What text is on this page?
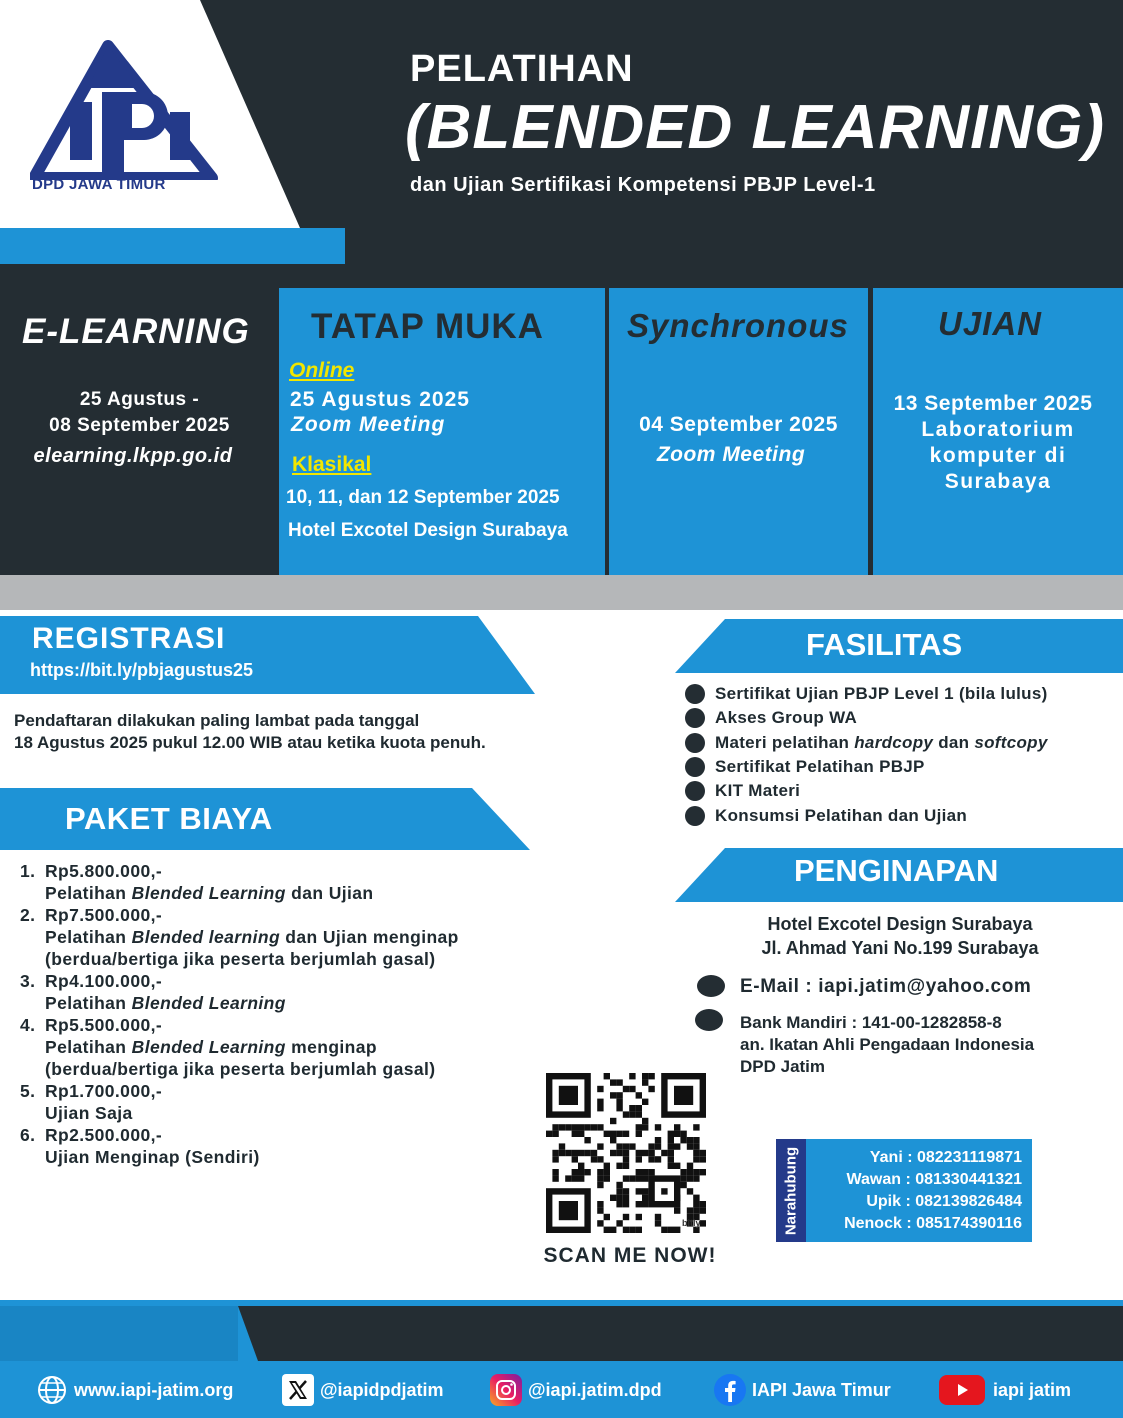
DPD JAWA TIMUR
PELATIHAN
(BLENDED LEARNING)
dan Ujian Sertifikasi Kompetensi PBJP Level-1
E-LEARNING
25 Agustus -
08 September 2025
elearning.lkpp.go.id
TATAP MUKA
Online
25 Agustus 2025
Zoom Meeting
Klasikal
10, 11, dan 12 September 2025
Hotel Excotel Design Surabaya
Synchronous
04 September 2025
Zoom Meeting
UJIAN
13 September 2025
Laboratorium
komputer di
Surabaya
REGISTRASI
https://bit.ly/pbjagustus25
Pendaftaran dilakukan paling lambat pada tanggal
18 Agustus 2025 pukul 12.00 WIB atau ketika kuota penuh.
PAKET BIAYA
1. Rp5.800.000,-
Pelatihan Blended Learning dan Ujian
2. Rp7.500.000,-
Pelatihan Blended learning dan Ujian menginap
(berdua/bertiga jika peserta berjumlah gasal)
3. Rp4.100.000,-
Pelatihan Blended Learning
4. Rp5.500.000,-
Pelatihan Blended Learning menginap
(berdua/bertiga jika peserta berjumlah gasal)
5. Rp1.700.000,-
Ujian Saja
6. Rp2.500.000,-
Ujian Menginap (Sendiri)
FASILITAS
Sertifikat Ujian PBJP Level 1 (bila lulus)
Akses Group WA
Materi pelatihan hardcopy dan softcopy
Sertifikat Pelatihan PBJP
KIT Materi
Konsumsi Pelatihan dan Ujian
PENGINAPAN
Hotel Excotel Design Surabaya
Jl. Ahmad Yani No.199 Surabaya
E-Mail : iapi.jatim@yahoo.com
Bank Mandiri : 141-00-1282858-8
an. Ikatan Ahli Pengadaan Indonesia
DPD Jatim
bitly
SCAN ME NOW!
Narahubung	Yani : 082231119871
Wawan : 081330441321
Upik : 082139826484
Nenock : 085174390116
www.iapi-jatim.org	@iapidpdjatim	@iapi.jatim.dpd	IAPI Jawa Timur	iapi jatim
